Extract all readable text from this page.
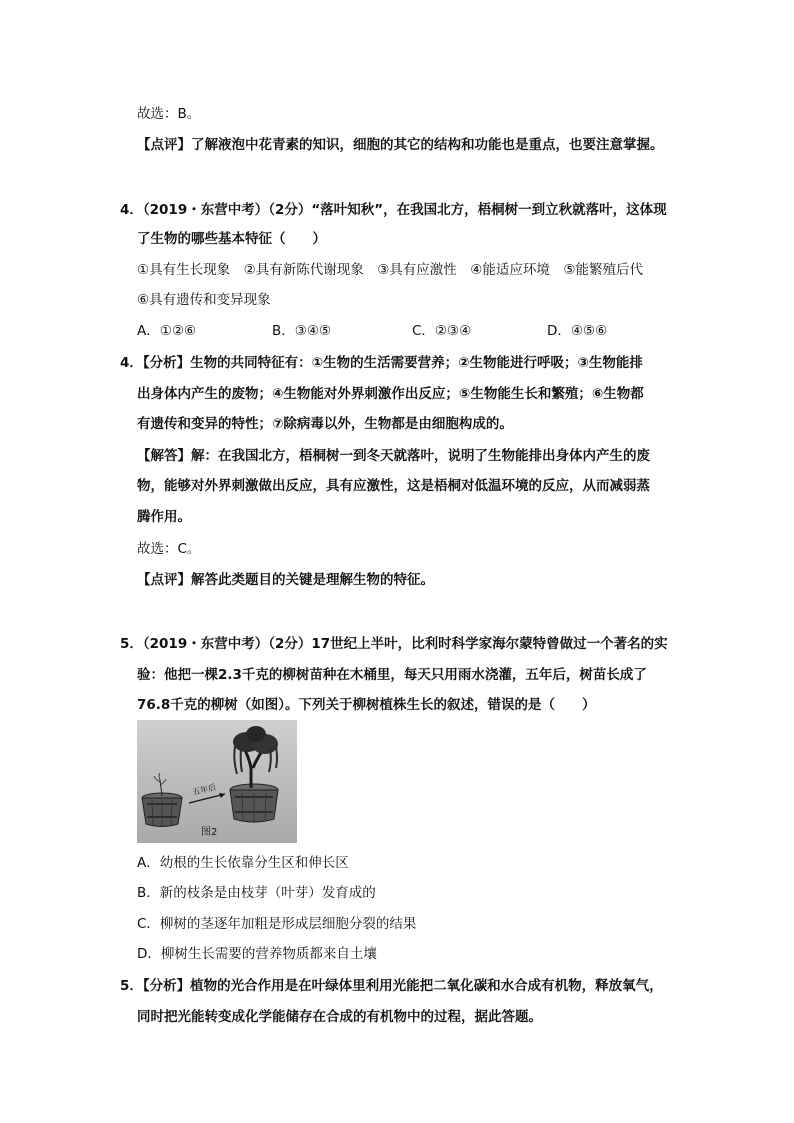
故选：B。
【点评】了解液泡中花青素的知识，细胞的其它的结构和功能也是重点，也要注意掌握。
4．（2019・东营中考）（2分）“落叶知秋”，在我国北方，梧桐树一到立秋就落叶，这体现
了生物的哪些基本特征（　　）
①具有生长现象　②具有新陈代谢现象　③具有应激性　④能适应环境　⑤能繁殖后代
⑥具有遗传和变异现象
A．①②⑥	B．③④⑤	C．②③④	D．④⑤⑥
4．【分析】生物的共同特征有：①生物的生活需要营养；②生物能进行呼吸；③生物能排
出身体内产生的废物；④生物能对外界刺激作出反应；⑤生物能生长和繁殖；⑥生物都
有遗传和变异的特性；⑦除病毒以外，生物都是由细胞构成的。
【解答】解：在我国北方，梧桐树一到冬天就落叶，说明了生物能排出身体内产生的废
物，能够对外界刺激做出反应，具有应激性，这是梧桐对低温环境的反应，从而减弱蒸
腾作用。
故选：C。
【点评】解答此类题目的关键是理解生物的特征。
5．（2019・东营中考）（2分）17世纪上半叶，比利时科学家海尔蒙特曾做过一个著名的实
验：他把一棵2.3千克的柳树苗种在木桶里，每天只用雨水浇灌，五年后，树苗长成了
76.8千克的柳树（如图）。下列关于柳树植株生长的叙述，错误的是（　　）
五年后
图2
A．幼根的生长依靠分生区和伸长区
B．新的枝条是由枝芽（叶芽）发育成的
C．柳树的茎逐年加粗是形成层细胞分裂的结果
D．柳树生长需要的营养物质都来自土壤
5．【分析】植物的光合作用是在叶绿体里利用光能把二氧化碳和水合成有机物，释放氧气，
同时把光能转变成化学能储存在合成的有机物中的过程，据此答题。
